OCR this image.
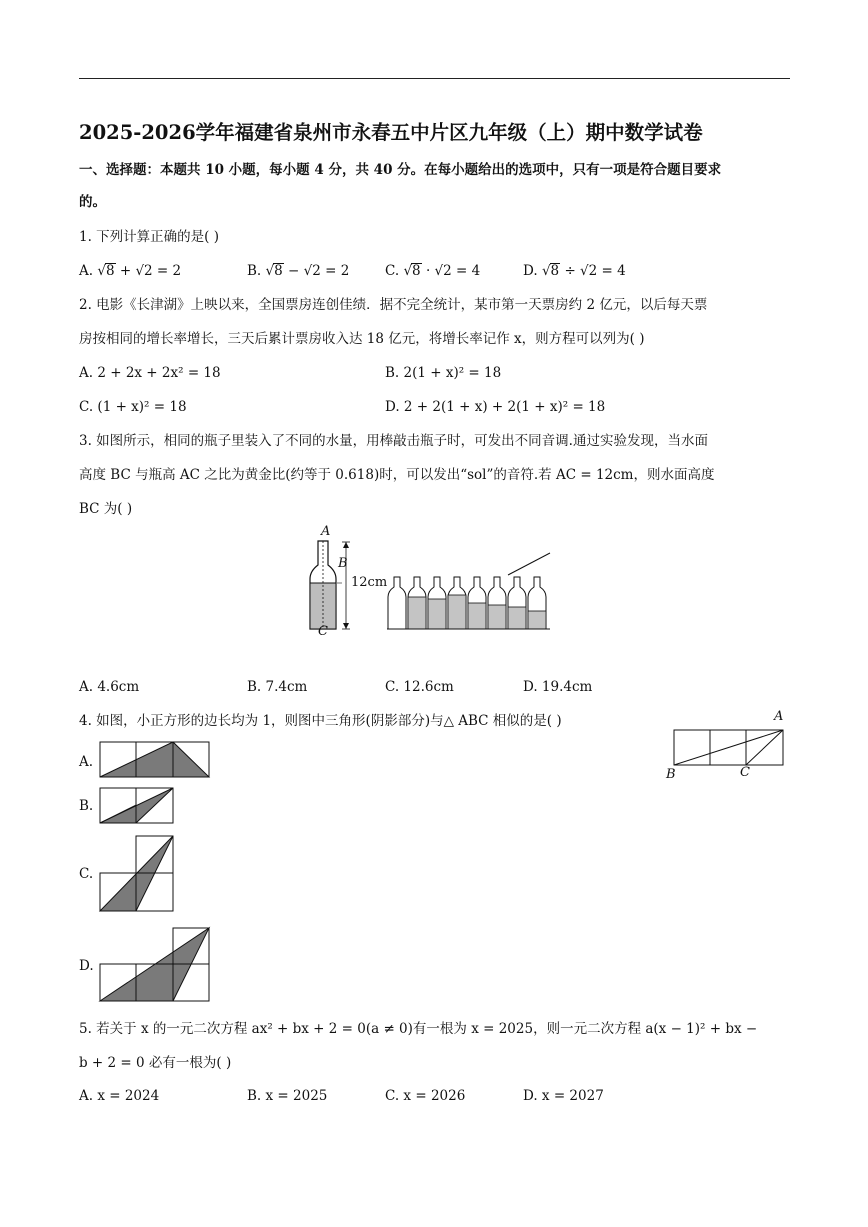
2025-2026学年福建省泉州市永春五中片区九年级（上）期中数学试卷
一、选择题：本题共 10 小题，每小题 4 分，共 40 分。在每小题给出的选项中，只有一项是符合题目要求
的。
1. 下列计算正确的是( )
A. √8 + √2 = 2	B. √8 − √2 = 2	C. √8 · √2 = 4	D. √8 ÷ √2 = 4
2. 电影《长津湖》上映以来，全国票房连创佳绩．据不完全统计，某市第一天票房约 2 亿元，以后每天票
房按相同的增长率增长，三天后累计票房收入达 18 亿元，将增长率记作 x，则方程可以列为( )
A. 2 + 2x + 2x² = 18	B. 2(1 + x)² = 18
C. (1 + x)² = 18	D. 2 + 2(1 + x) + 2(1 + x)² = 18
3. 如图所示，相同的瓶子里装入了不同的水量，用棒敲击瓶子时，可发出不同音调.通过实验发现，当水面
高度 BC 与瓶高 AC 之比为黄金比(约等于 0.618)时，可以发出“sol”的音符.若 AC = 12cm，则水面高度
BC 为( )
A
B
C
12cm
A. 4.6cm	B. 7.4cm	C. 12.6cm	D. 19.4cm
4. 如图，小正方形的边长均为 1，则图中三角形(阴影部分)与△ ABC 相似的是( )	A
B	C
A.
B.
C.
D.
5. 若关于 x 的一元二次方程 ax² + bx + 2 = 0(a ≠ 0)有一根为 x = 2025，则一元二次方程 a(x − 1)² + bx −
b + 2 = 0 必有一根为( )
A. x = 2024	B. x = 2025	C. x = 2026	D. x = 2027
